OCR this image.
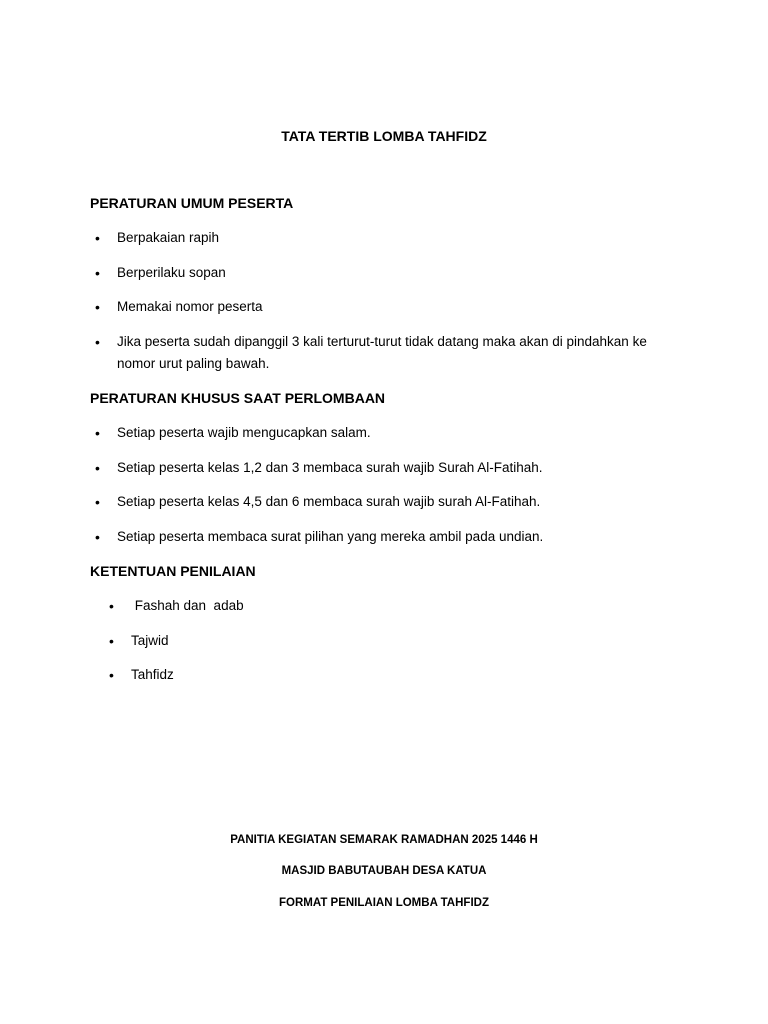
TATA TERTIB LOMBA TAHFIDZ
PERATURAN UMUM PESERTA
• Berpakaian rapih
• Berperilaku sopan
• Memakai nomor peserta
• Jika peserta sudah dipanggil 3 kali terturut-turut tidak datang maka akan di pindahkan ke nomor urut paling bawah.
PERATURAN KHUSUS SAAT PERLOMBAAN
• Setiap peserta wajib mengucapkan salam.
• Setiap peserta kelas 1,2 dan 3 membaca surah wajib Surah Al-Fatihah.
• Setiap peserta kelas 4,5 dan 6 membaca surah wajib surah Al-Fatihah.
• Setiap peserta membaca surat pilihan yang mereka ambil pada undian.
KETENTUAN PENILAIAN
•  Fashah dan  adab
• Tajwid
• Tahfidz
PANITIA KEGIATAN SEMARAK RAMADHAN 2025 1446 H
MASJID BABUTAUBAH DESA KATUA
FORMAT PENILAIAN LOMBA TAHFIDZ
